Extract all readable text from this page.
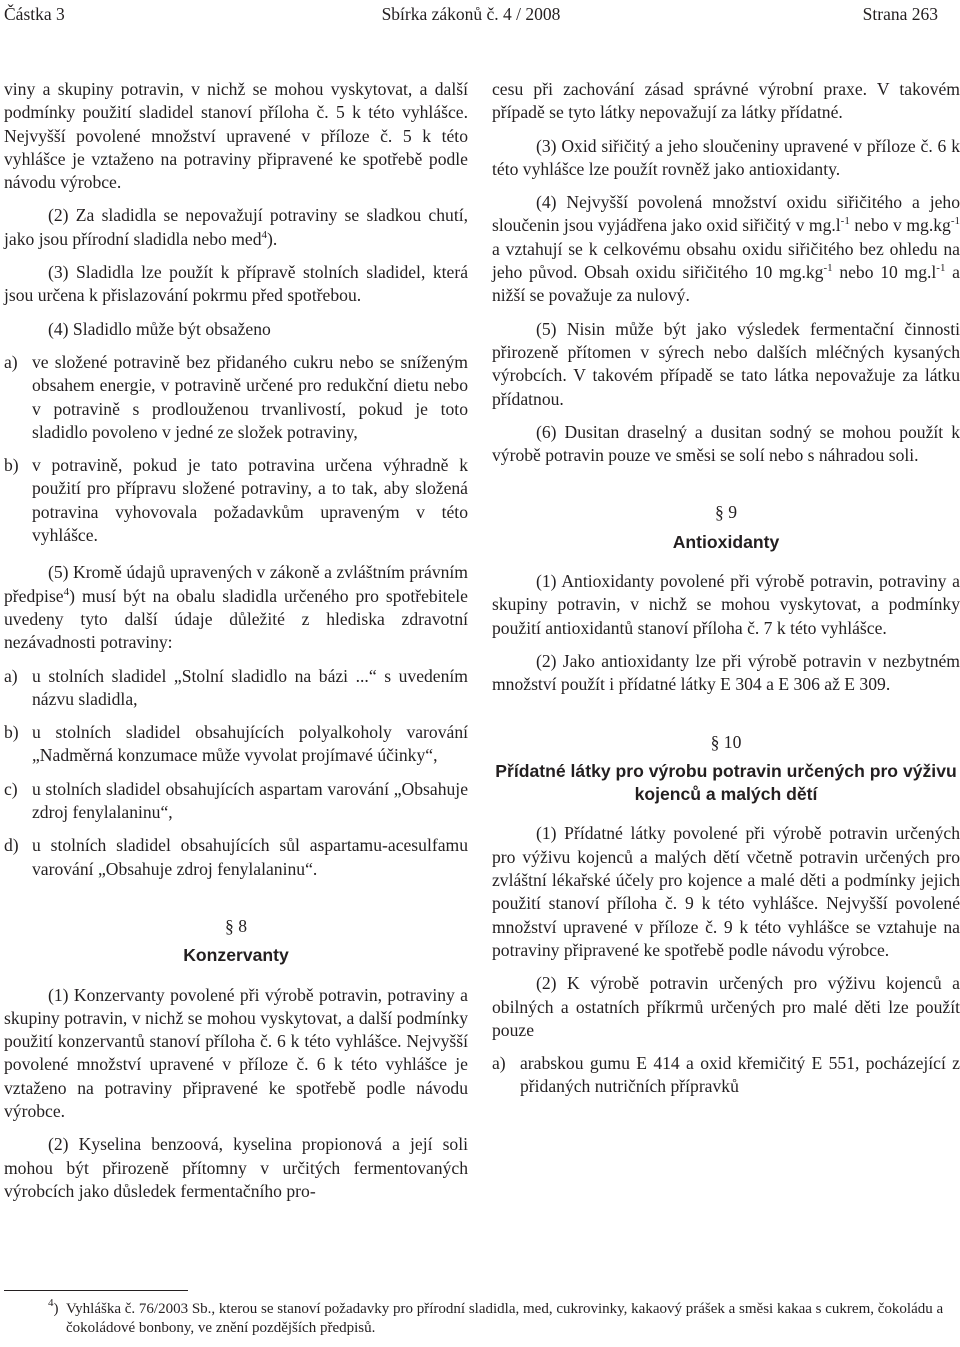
Částka 3	Sbírka zákonů č. 4 / 2008	Strana 263

viny a skupiny potravin, v nichž se mohou vyskytovat, a další podmínky použití sladidel stanoví příloha č. 5 k této vyhlášce. Nejvyšší povolené množství upravené v příloze č. 5 k této vyhlášce je vztaženo na potraviny připravené ke spotřebě podle návodu výrobce.

(2) Za sladidla se nepovažují potraviny se sladkou chutí, jako jsou přírodní sladidla nebo med$^4$).

(3) Sladidla lze použít k přípravě stolních sladidel, která jsou určena k přislazování pokrmu před spotřebou.

(4) Sladidlo může být obsaženo

a) ve složené potravině bez přidaného cukru nebo se sníženým obsahem energie, v potravině určené pro redukční dietu nebo v potravině s prodlouženou trvanlivostí, pokud je toto sladidlo povoleno v jedné ze složek potraviny,
b) v potravině, pokud je tato potravina určena výhradně k použití pro přípravu složené potraviny, a to tak, aby složená potravina vyhovovala požadavkům upraveným v této vyhlášce.

(5) Kromě údajů upravených v zákoně a zvláštním právním předpise$^4$) musí být na obalu sladidla určeného pro spotřebitele uvedeny tyto další údaje důležité z hlediska zdravotní nezávadnosti potraviny:

a) u stolních sladidel „Stolní sladidlo na bázi ...“ s uvedením názvu sladidla,
b) u stolních sladidel obsahujících polyalkoholy varování „Nadměrná konzumace může vyvolat projímavé účinky“,
c) u stolních sladidel obsahujících aspartam varování „Obsahuje zdroj fenylalaninu“,
d) u stolních sladidel obsahujících sůl aspartamu-acesulfamu varování „Obsahuje zdroj fenylalaninu“.
§ 8
Konzervanty

(1) Konzervanty povolené při výrobě potravin, potraviny a skupiny potravin, v nichž se mohou vyskytovat, a další podmínky použití konzervantů stanoví příloha č. 6 k této vyhlášce. Nejvyšší povolené množství upravené v příloze č. 6 k této vyhlášce je vztaženo na potraviny připravené ke spotřebě podle návodu výrobce.

(2) Kyselina benzoová, kyselina propionová a její soli mohou být přirozeně přítomny v určitých fermentovaných výrobcích jako důsledek fermentačního pro-

cesu při zachování zásad správné výrobní praxe. V takovém případě se tyto látky nepovažují za látky přídatné.

(3) Oxid siřičitý a jeho sloučeniny upravené v příloze č. 6 k této vyhlášce lze použít rovněž jako antioxidanty.

(4) Nejvyšší povolená množství oxidu siřičitého a jeho sloučenin jsou vyjádřena jako oxid siřičitý v $mg.l^{-1}$ nebo v $mg.kg^{-1}$ a vztahují se k celkovému obsahu oxidu siřičitého bez ohledu na jeho původ. Obsah oxidu siřičitého 10 $mg.kg^{-1}$ nebo 10 $mg.l^{-1}$ a nižší se považuje za nulový.

(5) Nisin může být jako výsledek fermentační činnosti přirozeně přítomen v sýrech nebo dalších mléčných kysaných výrobcích. V takovém případě se tato látka nepovažuje za látku přídatnou.

(6) Dusitan draselný a dusitan sodný se mohou použít k výrobě potravin pouze ve směsi se solí nebo s náhradou soli.

§ 9
Antioxidanty

(1) Antioxidanty povolené při výrobě potravin, potraviny a skupiny potravin, v nichž se mohou vyskytovat, a podmínky použití antioxidantů stanoví příloha č. 7 k této vyhlášce.

(2) Jako antioxidanty lze při výrobě potravin v nezbytném množství použít i přídatné látky E 304 a E 306 až E 309.

§ 10
Přídatné látky pro výrobu potravin určených pro výživu kojenců a malých dětí

(1) Přídatné látky povolené při výrobě potravin určených pro výživu kojenců a malých dětí včetně potravin určených pro zvláštní lékařské účely pro kojence a malé děti a podmínky jejich použití stanoví příloha č. 9 k této vyhlášce. Nejvyšší povolené množství upravené v příloze č. 9 k této vyhlášce se vztahuje na potraviny připravené ke spotřebě podle návodu výrobce.

(2) K výrobě potravin určených pro výživu kojenců a obilných a ostatních příkrmů určených pro malé děti lze použít pouze

a) arabskou gumu E 414 a oxid křemičitý E 551, pocházející z přidaných nutričních přípravků
$^4$) Vyhláška č. 76/2003 Sb., kterou se stanoví požadavky pro přírodní sladidla, med, cukrovinky, kakaový prášek a směsi kakaa s cukrem, čokoládu a čokoládové bonbony, ve znění pozdějších předpisů.
